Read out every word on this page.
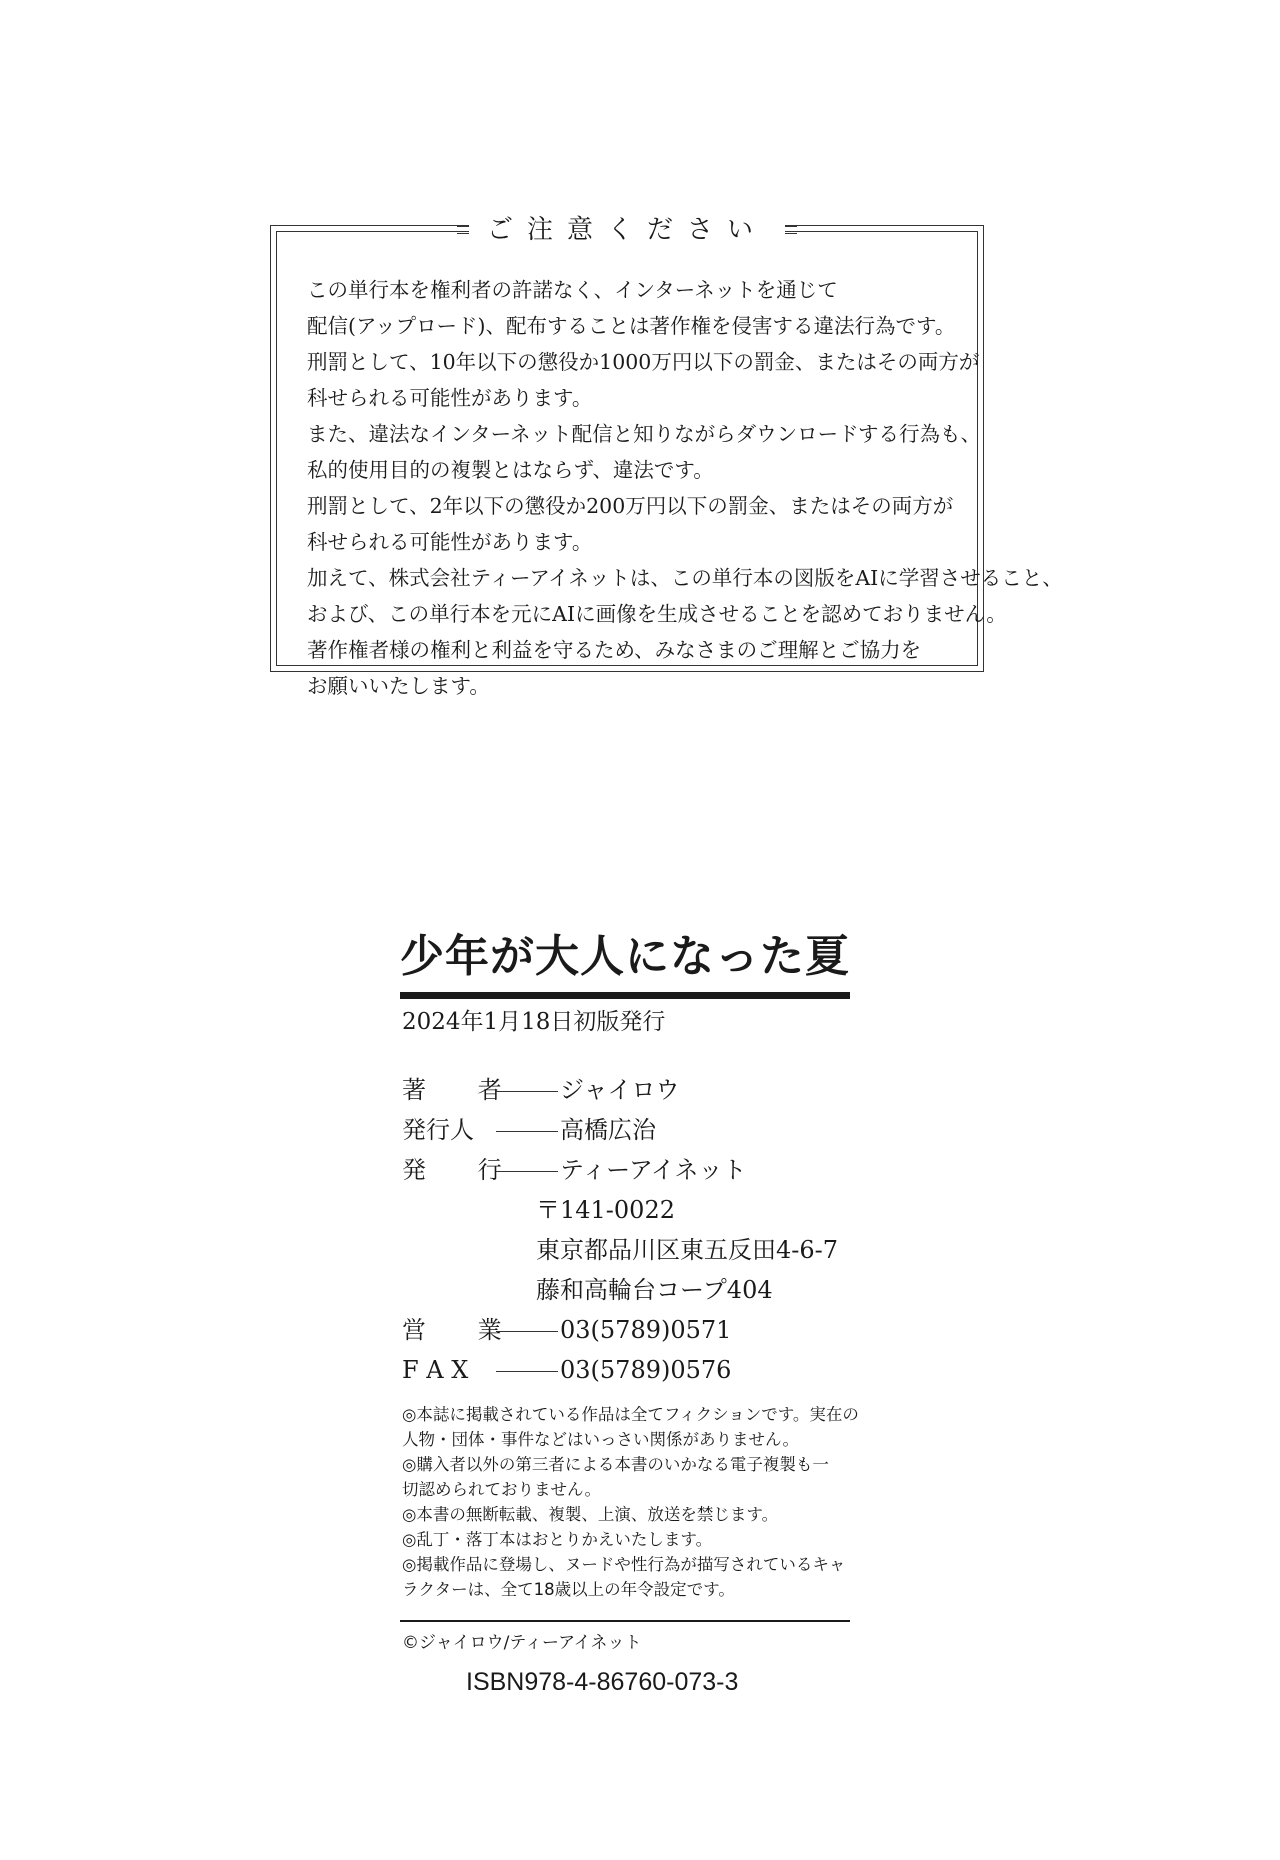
ご注意ください
この単行本を権利者の許諾なく、インターネットを通じて
配信(アップロード)、配布することは著作権を侵害する違法行為です。
刑罰として、10年以下の懲役か1000万円以下の罰金、またはその両方が
科せられる可能性があります。
また、違法なインターネット配信と知りながらダウンロードする行為も、
私的使用目的の複製とはならず、違法です。
刑罰として、2年以下の懲役か200万円以下の罰金、またはその両方が
科せられる可能性があります。
加えて、株式会社ティーアイネットは、この単行本の図版をAIに学習させること、
および、この単行本を元にAIに画像を生成させることを認めておりません。
著作権者様の権利と利益を守るため、みなさまのご理解とご協力を
お願いいたします。
少年が大人になった夏
2024年1月18日初版発行
著 者 ジャイロウ
発行人	高橋広治
発 行 ティーアイネット
〒141-0022
東京都品川区東五反田4-6-7
藤和高輪台コープ404
営 業 03(5789)0571
F A X	03(5789)0576
◎本誌に掲載されている作品は全てフィクションです。実在の
人物・団体・事件などはいっさい関係がありません。
◎購入者以外の第三者による本書のいかなる電子複製も一
切認められておりません。
◎本書の無断転載、複製、上演、放送を禁じます。
◎乱丁・落丁本はおとりかえいたします。
◎掲載作品に登場し、ヌードや性行為が描写されているキャ
ラクターは、全て18歳以上の年令設定です。
©ジャイロウ/ティーアイネット
ISBN978-4-86760-073-3
